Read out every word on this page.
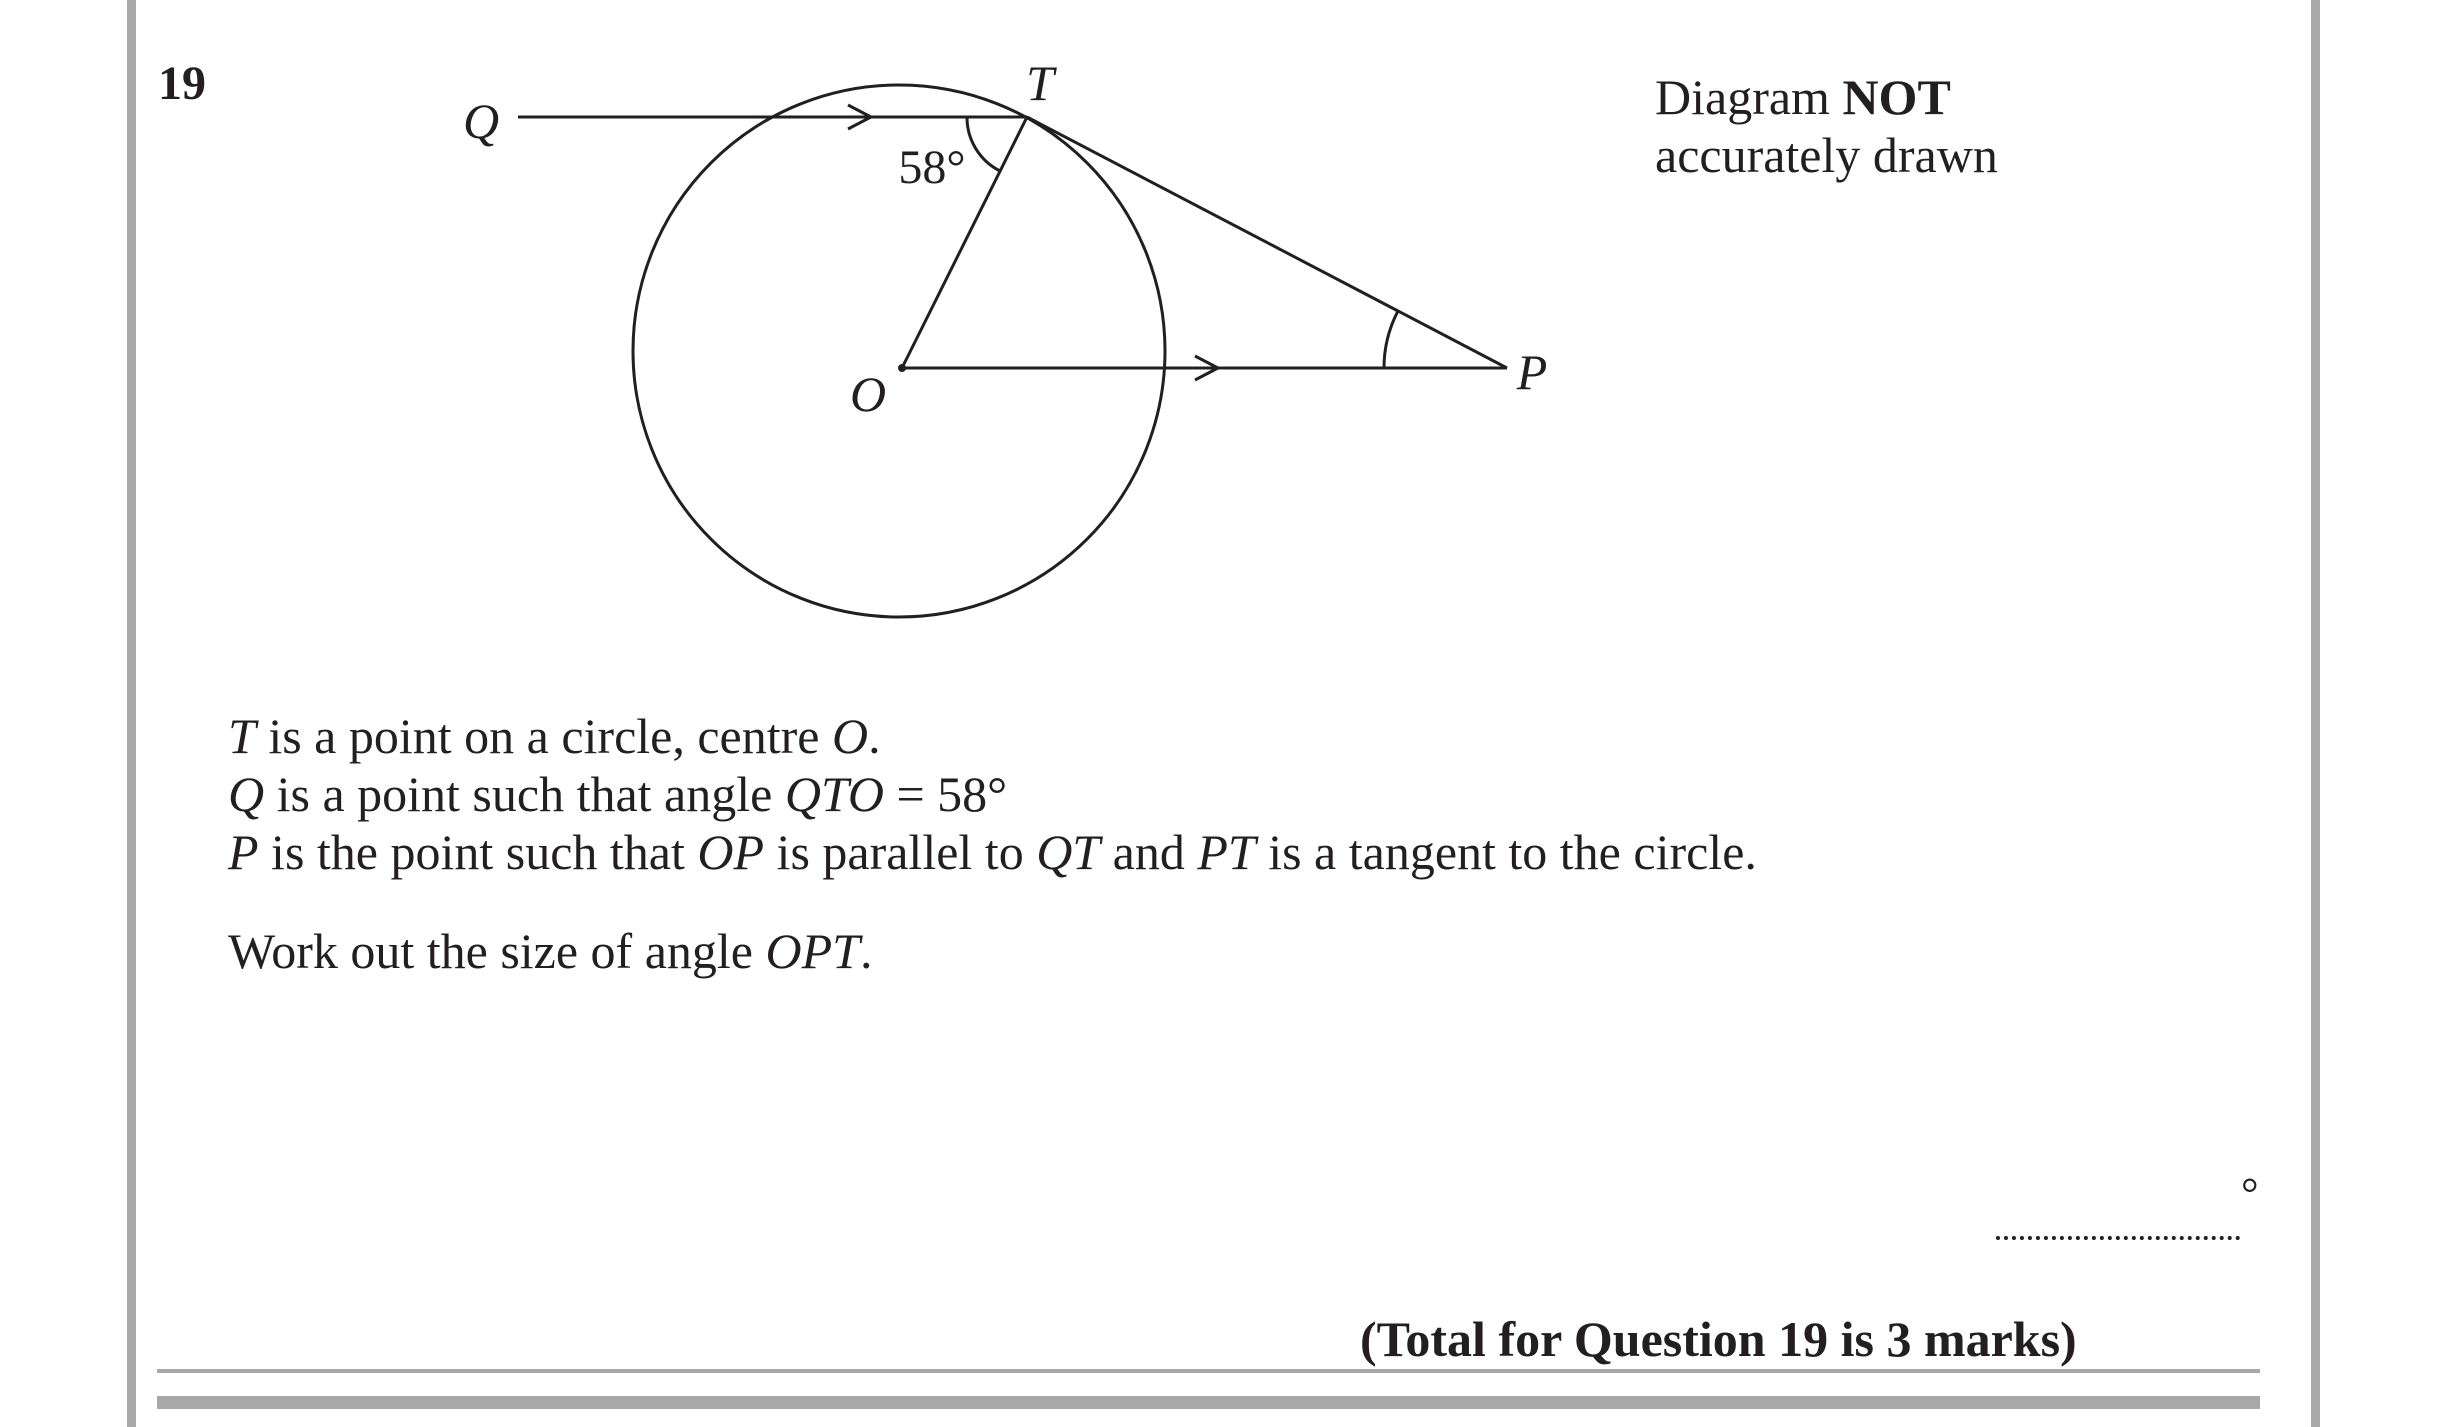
19	T
Q
O	P
58°
Diagram NOT
accurately drawn
T is a point on a circle, centre O.
Q is a point such that angle QTO = 58°
P is the point such that OP is parallel to QT and PT is a tangent to the circle.
Work out the size of angle OPT.
°
(Total for Question 19 is 3 marks)
